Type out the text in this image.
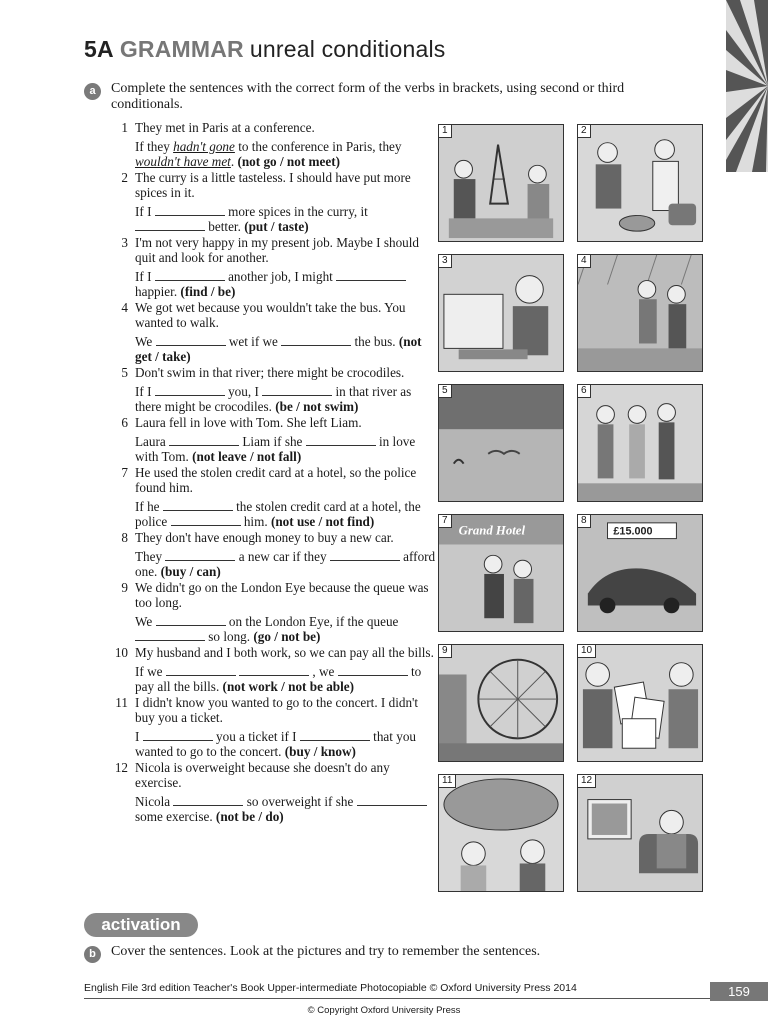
5A GRAMMAR unreal conditionals
a	Complete the sentences with the correct form of the verbs in brackets, using second or third conditionals.
1 They met in Paris at a conference.

If they hadn't gone to the conference in Paris, they wouldn't have met. (not go / not meet)

2 The curry is a little tasteless. I should have put more spices in it.

If I	more spices in the curry, it  better. (put / taste)

3 I'm not very happy in my present job. Maybe I should quit and look for another.

If I	another job, I might  happier. (find / be)

4 We got wet because you wouldn't take the bus. You wanted to walk.

We	wet if we	the bus. (not get / take)

5 Don't swim in that river; there might be crocodiles.

If I	you, I	in that river as there might be crocodiles. (be / not swim)

6 Laura fell in love with Tom. She left Liam.

Laura	Liam if she	in love with Tom. (not leave / not fall)

7 He used the stolen credit card at a hotel, so the police found him.

If he	the stolen credit card at a hotel, the police	him. (not use / not find)

8 They don't have enough money to buy a new car.

They	a new car if they	afford one. (buy / can)

9 We didn't go on the London Eye because the queue was too long.

We	on the London Eye, if the queue  so long. (go / not be)

10 My husband and I both work, so we can pay all the bills.

If we	, we	to pay all the bills. (not work / not be able)

11 I didn't know you wanted to go to the concert. I didn't buy you a ticket.

I	you a ticket if I	that you wanted to go to the concert. (buy / know)

12 Nicola is overweight because she doesn't do any exercise.

Nicola	so overweight if she  some exercise. (not be / do)

1	2
3	4
5	6
Grand Hotel
7
£15.000
8
9	10
11	12
activation
b	Cover the sentences. Look at the pictures and try to remember the sentences.
English File 3rd edition Teacher's Book Upper-intermediate Photocopiable © Oxford University Press 2014	159
© Copyright Oxford University Press
